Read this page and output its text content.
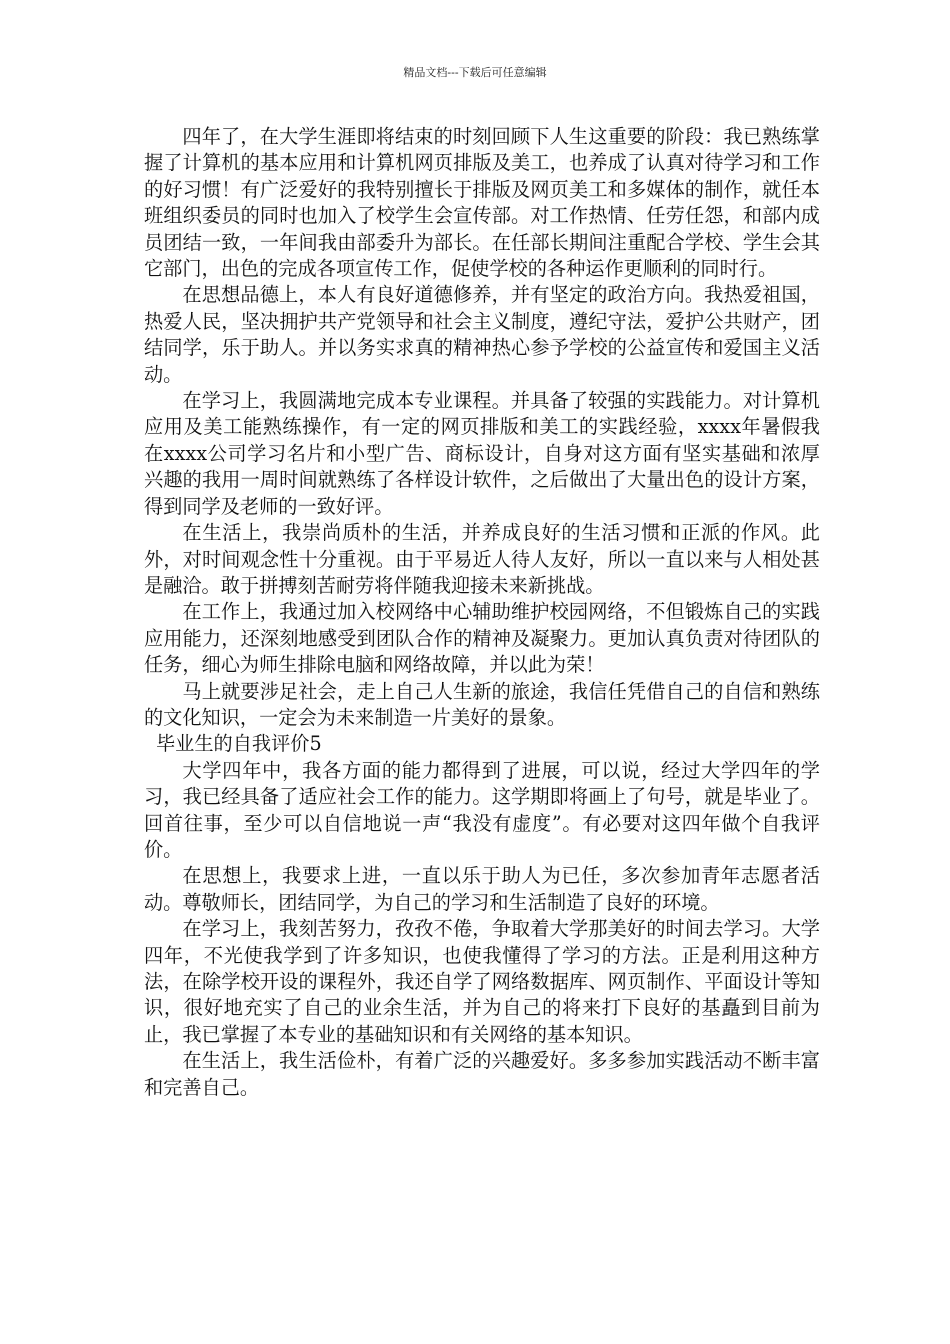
精品文档---下载后可任意编辑

四年了，在大学生涯即将结束的时刻回顾下人生这重要的阶段：我已熟练掌握了计算机的基本应用和计算机网页排版及美工，也养成了认真对待学习和工作的好习惯！有广泛爱好的我特别擅长于排版及网页美工和多媒体的制作，就任本班组织委员的同时也加入了校学生会宣传部。对工作热情、任劳任怨，和部内成员团结一致，一年间我由部委升为部长。在任部长期间注重配合学校、学生会其它部门，出色的完成各项宣传工作，促使学校的各种运作更顺利的同时行。

在思想品德上，本人有良好道德修养，并有坚定的政治方向。我热爱祖国，热爱人民，坚决拥护共产党领导和社会主义制度，遵纪守法，爱护公共财产，团结同学，乐于助人。并以务实求真的精神热心参予学校的公益宣传和爱国主义活动。

在学习上，我圆满地完成本专业课程。并具备了较强的实践能力。对计算机应用及美工能熟练操作，有一定的网页排版和美工的实践经验，xxxx年暑假我在xxxx公司学习名片和小型广告、商标设计，自身对这方面有坚实基础和浓厚兴趣的我用一周时间就熟练了各样设计软件，之后做出了大量出色的设计方案，得到同学及老师的一致好评。

在生活上，我崇尚质朴的生活，并养成良好的生活习惯和正派的作风。此外，对时间观念性十分重视。由于平易近人待人友好，所以一直以来与人相处甚是融洽。敢于拼搏刻苦耐劳将伴随我迎接未来新挑战。

在工作上，我通过加入校网络中心辅助维护校园网络，不但锻炼自己的实践应用能力，还深刻地感受到团队合作的精神及凝聚力。更加认真负责对待团队的任务，细心为师生排除电脑和网络故障，并以此为荣！

马上就要涉足社会，走上自己人生新的旅途，我信任凭借自己的自信和熟练的文化知识，一定会为未来制造一片美好的景象。

毕业生的自我评价5

大学四年中，我各方面的能力都得到了进展，可以说，经过大学四年的学习，我已经具备了适应社会工作的能力。这学期即将画上了句号，就是毕业了。回首往事，至少可以自信地说一声“我没有虚度”。有必要对这四年做个自我评价。

在思想上，我要求上进，一直以乐于助人为已任，多次参加青年志愿者活动。尊敬师长，团结同学，为自己的学习和生活制造了良好的环境。

在学习上，我刻苦努力，孜孜不倦，争取着大学那美好的时间去学习。大学四年，不光使我学到了许多知识，也使我懂得了学习的方法。正是利用这种方法，在除学校开设的课程外，我还自学了网络数据库、网页制作、平面设计等知识，很好地充实了自己的业余生活，并为自己的将来打下良好的基矗到目前为止，我已掌握了本专业的基础知识和有关网络的基本知识。

在生活上，我生活俭朴，有着广泛的兴趣爱好。多多参加实践活动不断丰富和完善自己。
